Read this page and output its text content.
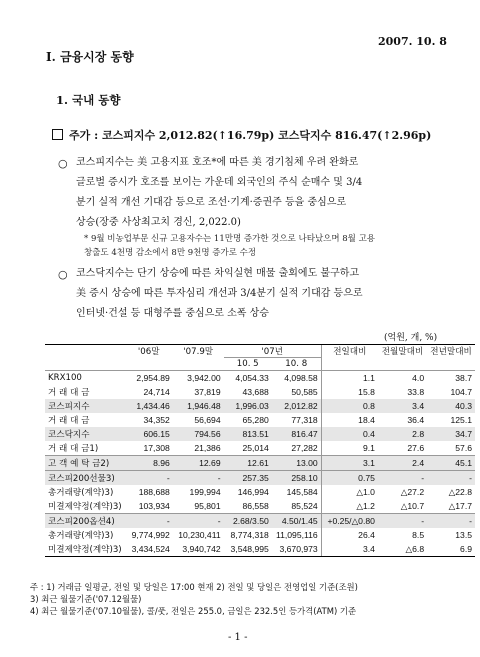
2007. 10. 8
I. 금융시장 동향
1. 국내 동향
주가 : 코스피지수 2,012.82(↑16.79p) 코스닥지수 816.47(↑2.96p)
○ 코스피지수는 美 고용지표 호조*에 따른 美 경기침체 우려 완화로
글로벌 증시가 호조를 보이는 가운데 외국인의 주식 순매수 및 3/4
분기 실적 개선 기대감 등으로 조선·기계·증권주 등을 중심으로
상승(장중 사상최고치 경신, 2,022.0)
* 9월 비농업부문 신규 고용자수는 11만명 증가한 것으로 나타났으며 8월 고용
창출도 4천명 감소에서 8만 9천명 증가로 수정
○ 코스닥지수는 단기 상승에 따른 차익실현 매물 출회에도 불구하고
美 증시 상승에 따른 투자심리 개선과 3/4분기 실적 기대감 등으로
인터넷·건설 등 대형주를 중심으로 소폭 상승
(억원, 개, %)
	'06말	'07.9말	'07년		전일대비	전월말대비	전년말대비
			10. 5	10. 8			
KRX100	2,954.89	3,942.00	4,054.33	4,098.58	1.1	4.0	38.7
거 래 대 금	24,714	37,819	43,688	50,585	15.8	33.8	104.7
코스피지수	1,434.46	1,946.48	1,996.03	2,012.82	0.8	3.4	40.3
거 래 대 금	34,352	56,694	65,280	77,318	18.4	36.4	125.1
코스닥지수	606.15	794.56	813.51	816.47	0.4	2.8	34.7
거 래 대 금1)	17,308	21,386	25,014	27,282	9.1	27.6	57.6
고 객 예 탁 금2)	8.96	12.69	12.61	13.00	3.1	2.4	45.1
코스피200선물3)	-	-	257.35	258.10	0.75	-	-
총거래량(계약)3)	188,688	199,994	146,994	145,584	△1.0	△27.2	△22.8
미결제약정(계약)3)	103,934	95,801	86,558	85,524	△1.2	△10.7	△17.7
코스피200옵션4)	-	-	2.68/3.50	4.50/1.45	+0.25/△0.80	-	-
총거래량(계약)3)	9,774,992	10,230,411	8,774,318	11,095,116	26.4	8.5	13.5
미결제약정(계약)3)	3,434,524	3,940,742	3,548,995	3,670,973	3.4	△6.8	6.9
주 : 1) 거래금 일평균, 전일 및 당일은 17:00 현재 2) 전일 및 당일은 전영업일 기준(조원)
3) 최근 월물기준('07.12월물)
4) 최근 월물기준('07.10월물), 콜/풋, 전일은 255.0, 금일은 232.5인 등가격(ATM) 기준
- 1 -
